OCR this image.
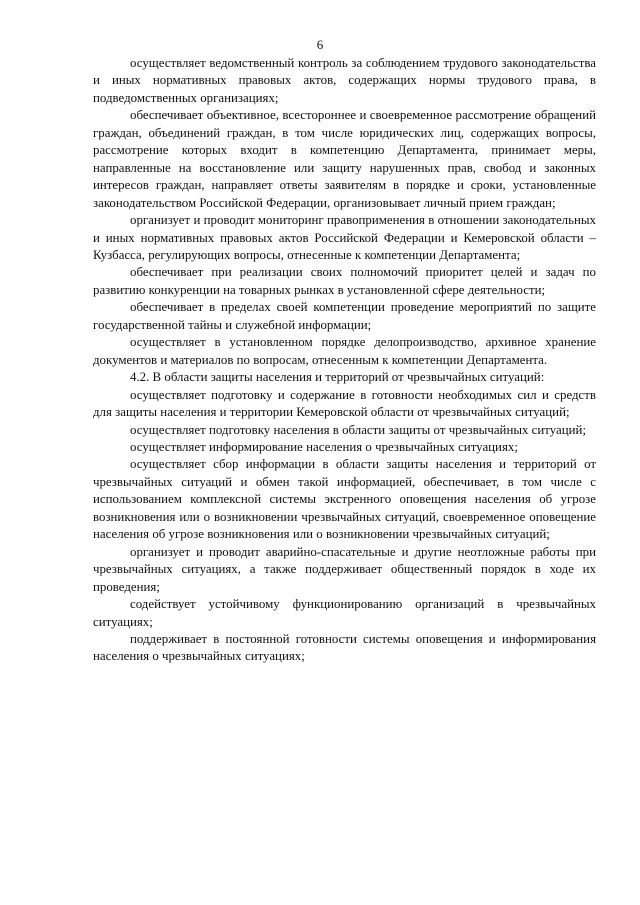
6

осуществляет ведомственный контроль за соблюдением трудового законодательства и иных нормативных правовых актов, содержащих нормы трудового права, в подведомственных организациях;

обеспечивает объективное, всестороннее и своевременное рассмотрение обращений граждан, объединений граждан, в том числе юридических лиц, содержащих вопросы, рассмотрение которых входит в компетенцию Департамента, принимает меры, направленные на восстановление или защиту нарушенных прав, свобод и законных интересов граждан, направляет ответы заявителям в порядке и сроки, установленные законодательством Российской Федерации, организовывает личный прием граждан;

организует и проводит мониторинг правоприменения в отношении законодательных и иных нормативных правовых актов Российской Федерации и Кемеровской области – Кузбасса, регулирующих вопросы, отнесенные к компетенции Департамента;

обеспечивает при реализации своих полномочий приоритет целей и задач по развитию конкуренции на товарных рынках в установленной сфере деятельности;

обеспечивает в пределах своей компетенции проведение мероприятий по защите государственной тайны и служебной информации;

осуществляет в установленном порядке делопроизводство, архивное хранение документов и материалов по вопросам, отнесенным к компетенции Департамента.

4.2. В области защиты населения и территорий от чрезвычайных ситуаций:

осуществляет подготовку и содержание в готовности необходимых сил и средств для защиты населения и территории Кемеровской области от чрезвычайных ситуаций;

осуществляет подготовку населения в области защиты от чрезвычайных ситуаций;

осуществляет информирование населения о чрезвычайных ситуациях;

осуществляет сбор информации в области защиты населения и территорий от чрезвычайных ситуаций и обмен такой информацией, обеспечивает, в том числе с использованием комплексной системы экстренного оповещения населения об угрозе возникновения или о возникновении чрезвычайных ситуаций, своевременное оповещение населения об угрозе возникновения или о возникновении чрезвычайных ситуаций;

организует и проводит аварийно-спасательные и другие неотложные работы при чрезвычайных ситуациях, а также поддерживает общественный порядок в ходе их проведения;

содействует устойчивому функционированию организаций в чрезвычайных ситуациях;

поддерживает в постоянной готовности системы оповещения и информирования населения о чрезвычайных ситуациях;
